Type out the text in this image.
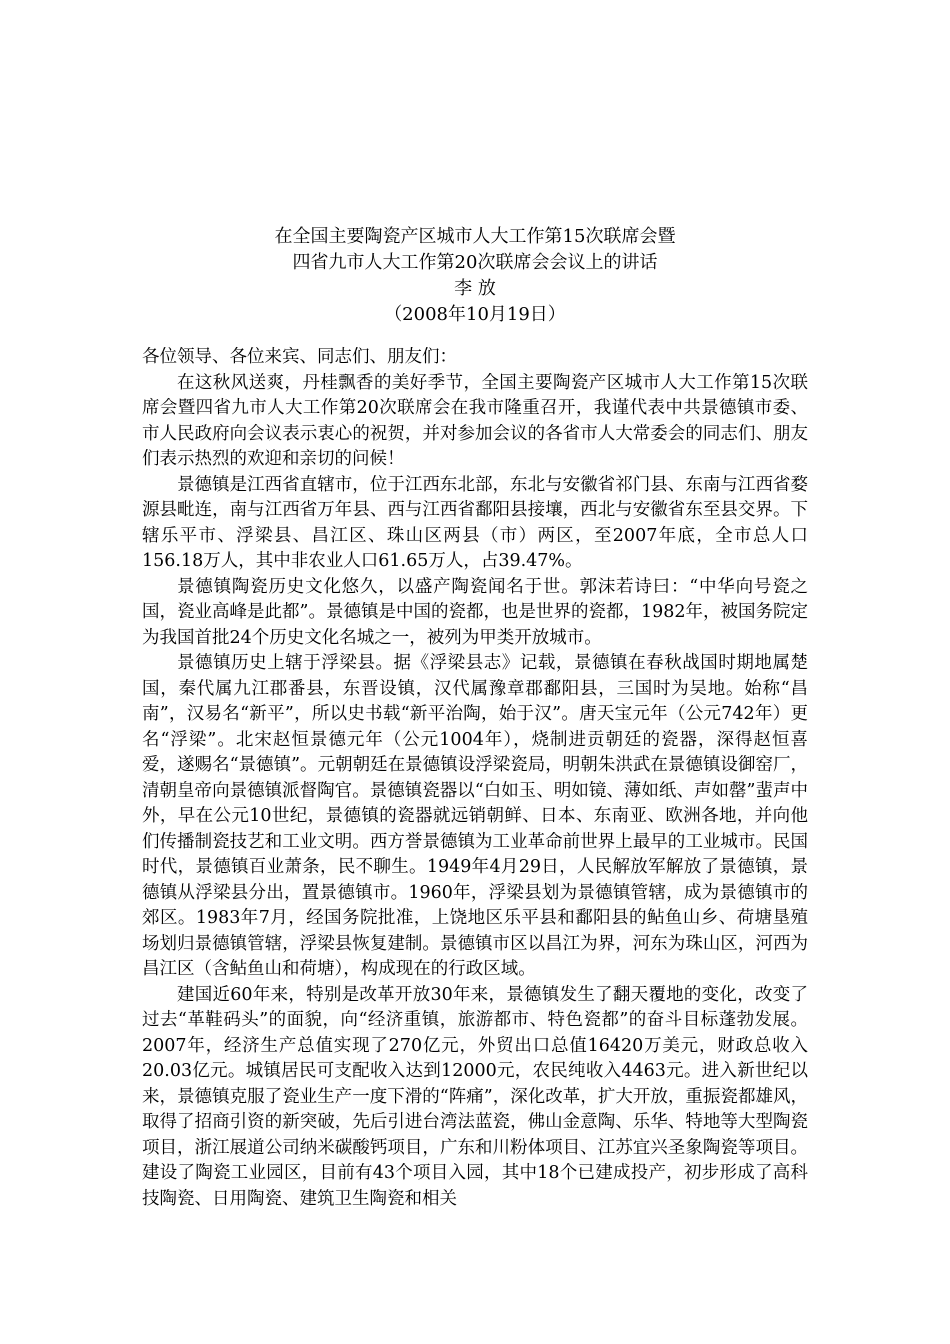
在全国主要陶瓷产区城市人大工作第15次联席会暨
四省九市人大工作第20次联席会会议上的讲话
李 放
（2008年10月19日）

各位领导、各位来宾、同志们、朋友们：

在这秋风送爽，丹桂飘香的美好季节，全国主要陶瓷产区城市人大工作第15次联席会暨四省九市人大工作第20次联席会在我市隆重召开，我谨代表中共景德镇市委、市人民政府向会议表示衷心的祝贺，并对参加会议的各省市人大常委会的同志们、朋友们表示热烈的欢迎和亲切的问候！

景德镇是江西省直辖市，位于江西东北部，东北与安徽省祁门县、东南与江西省婺源县毗连，南与江西省万年县、西与江西省鄱阳县接壤，西北与安徽省东至县交界。下辖乐平市、浮梁县、昌江区、珠山区两县（市）两区，至2007年底，全市总人口156.18万人，其中非农业人口61.65万人，占39.47%。

景德镇陶瓷历史文化悠久，以盛产陶瓷闻名于世。郭沫若诗曰：“中华向号瓷之国，瓷业高峰是此都”。景德镇是中国的瓷都，也是世界的瓷都，1982年，被国务院定为我国首批24个历史文化名城之一，被列为甲类开放城市。

景德镇历史上辖于浮梁县。据《浮梁县志》记载，景德镇在春秋战国时期地属楚国，秦代属九江郡番县，东晋设镇，汉代属豫章郡鄱阳县，三国时为吴地。始称“昌南”，汉易名“新平”，所以史书载“新平治陶，始于汉”。唐天宝元年（公元742年）更名“浮梁”。北宋赵恒景德元年（公元1004年），烧制进贡朝廷的瓷器，深得赵恒喜爱，遂赐名“景德镇”。元朝朝廷在景德镇设浮梁瓷局，明朝朱洪武在景德镇设御窑厂，清朝皇帝向景德镇派督陶官。景德镇瓷器以“白如玉、明如镜、薄如纸、声如罄”蜚声中外，早在公元10世纪，景德镇的瓷器就远销朝鲜、日本、东南亚、欧洲各地，并向他们传播制瓷技艺和工业文明。西方誉景德镇为工业革命前世界上最早的工业城市。民国时代，景德镇百业萧条，民不聊生。1949年4月29日，人民解放军解放了景德镇，景德镇从浮梁县分出，置景德镇市。1960年，浮梁县划为景德镇管辖，成为景德镇市的郊区。1983年7月，经国务院批准，上饶地区乐平县和鄱阳县的鲇鱼山乡、荷塘垦殖场划归景德镇管辖，浮梁县恢复建制。景德镇市区以昌江为界，河东为珠山区，河西为昌江区（含鲇鱼山和荷塘），构成现在的行政区域。

建国近60年来，特别是改革开放30年来，景德镇发生了翻天覆地的变化，改变了过去“革鞋码头”的面貌，向“经济重镇，旅游都市、特色瓷都”的奋斗目标蓬勃发展。2007年，经济生产总值实现了270亿元，外贸出口总值16420万美元，财政总收入20.03亿元。城镇居民可支配收入达到12000元，农民纯收入4463元。进入新世纪以来，景德镇克服了瓷业生产一度下滑的“阵痛”，深化改革，扩大开放，重振瓷都雄风，取得了招商引资的新突破，先后引进台湾法蓝瓷，佛山金意陶、乐华、特地等大型陶瓷项目，浙江展道公司纳米碳酸钙项目，广东和川粉体项目、江苏宜兴圣象陶瓷等项目。建设了陶瓷工业园区，目前有43个项目入园，其中18个已建成投产，初步形成了高科技陶瓷、日用陶瓷、建筑卫生陶瓷和相关
